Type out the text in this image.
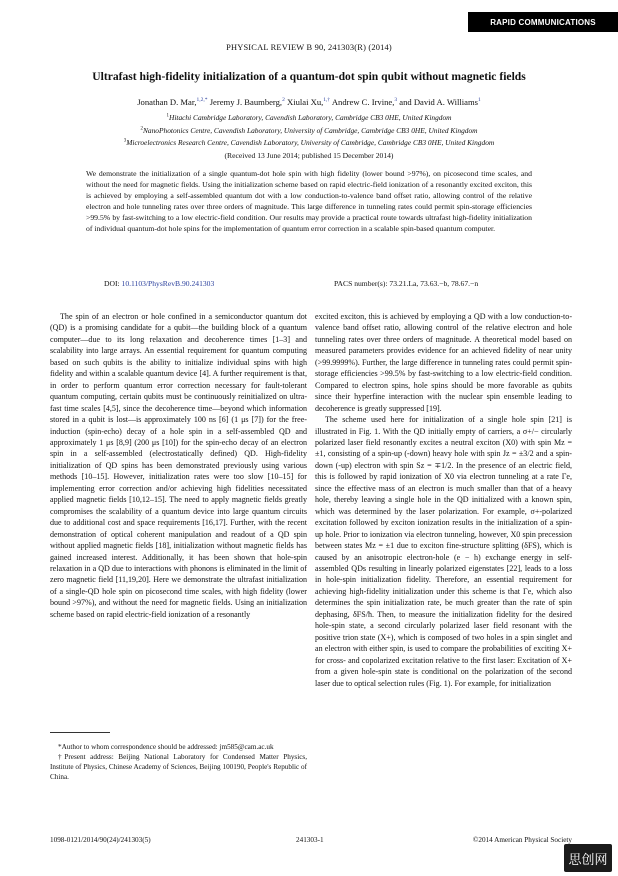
RAPID COMMUNICATIONS
PHYSICAL REVIEW B 90, 241303(R) (2014)
Ultrafast high-fidelity initialization of a quantum-dot spin qubit without magnetic fields
Jonathan D. Mar,$^{1,2,*}$ Jeremy J. Baumberg,$^2$ Xiulai Xu,$^{1,\dagger}$ Andrew C. Irvine,$^3$ and David A. Williams$^1$
$^1$Hitachi Cambridge Laboratory, Cavendish Laboratory, Cambridge CB3 0HE, United Kingdom
$^2$NanoPhotonics Centre, Cavendish Laboratory, University of Cambridge, Cambridge CB3 0HE, United Kingdom
$^3$Microelectronics Research Centre, Cavendish Laboratory, University of Cambridge, Cambridge CB3 0HE, United Kingdom
(Received 13 June 2014; published 15 December 2014)
We demonstrate the initialization of a single quantum-dot hole spin with high fidelity (lower bound >97%), on picosecond time scales, and without the need for magnetic fields. Using the initialization scheme based on rapid electric-field ionization of a resonantly excited exciton, this is achieved by employing a self-assembled quantum dot with a low conduction-to-valence band offset ratio, allowing control of the relative electron and hole tunneling rates over three orders of magnitude. This large difference in tunneling rates could permit spin-storage efficiencies >99.5% by fast-switching to a low electric-field condition. Our results may provide a practical route towards ultrafast high-fidelity initialization of individual quantum-dot hole spins for the implementation of quantum error correction in a scalable spin-based quantum computer.
DOI: 10.1103/PhysRevB.90.241303	PACS number(s): 73.21.La, 73.63.−b, 78.67.−n

The spin of an electron or hole confined in a semiconductor quantum dot (QD) is a promising candidate for a qubit—the building block of a quantum computer—due to its long relaxation and decoherence times [1–3] and scalability into large arrays. An essential requirement for quantum computing based on such qubits is the ability to initialize individual spins with high fidelity and within a scalable quantum device [4]. A further requirement is that, in order to perform quantum error correction necessary for fault-tolerant quantum computing, certain qubits must be continuously reinitialized on ultra-fast time scales [4,5], since the decoherence time—beyond which information stored in a qubit is lost—is approximately 100 ns [6] (1 μs [7]) for the free-induction (spin-echo) decay of a hole spin in a self-assembled QD and approximately 1 μs [8,9] (200 μs [10]) for the spin-echo decay of an electron spin in a self-assembled (electrostatically defined) QD. High-fidelity initialization of QD spins has been demonstrated previously using various methods [10–15]. However, initialization rates were too slow [10–15] for implementing error correction and/or achieving high fidelities necessitated applied magnetic fields [10,12–15]. The need to apply magnetic fields greatly compromises the scalability of a quantum device into large quantum circuits due to additional cost and space requirements [16,17]. Further, with the recent demonstration of optical coherent manipulation and readout of a QD spin without applied magnetic fields [18], initialization without magnetic fields has gained increased interest. Additionally, it has been shown that hole-spin relaxation in a QD due to interactions with phonons is eliminated in the limit of zero magnetic field [11,19,20]. Here we demonstrate the ultrafast initialization of a single-QD hole spin on picosecond time scales, with high fidelity (lower bound >97%), and without the need for magnetic fields. Using an initialization scheme based on rapid electric-field ionization of a resonantly

excited exciton, this is achieved by employing a QD with a low conduction-to-valence band offset ratio, allowing control of the relative electron and hole tunneling rates over three orders of magnitude. A theoretical model based on measured parameters provides evidence for an achieved fidelity of near unity (>99.9999%). Further, the large difference in tunneling rates could permit spin-storage efficiencies >99.5% by fast-switching to a low electric-field condition. Compared to electron spins, hole spins should be more favorable as qubits since their hyperfine interaction with the nuclear spin ensemble leading to decoherence is greatly suppressed [19].

The scheme used here for initialization of a single hole spin [21] is illustrated in Fig. 1. With the QD initially empty of carriers, a σ+/− circularly polarized laser field resonantly excites a neutral exciton (X0) with spin Mz = ±1, consisting of a spin-up (-down) heavy hole with spin Jz = ±3/2 and a spin-down (-up) electron with spin Sz = ∓1/2. In the presence of an electric field, this is followed by rapid ionization of X0 via electron tunneling at a rate Γe, since the effective mass of an electron is much smaller than that of a heavy hole, thereby leaving a single hole in the QD initialized with a known spin, which was determined by the laser polarization. For example, σ+-polarized excitation followed by exciton ionization results in the initialization of a spin-up hole. Prior to ionization via electron tunneling, however, X0 spin precession between states Mz = ±1 due to exciton fine-structure splitting (δFS), which is caused by an anisotropic electron-hole (e − h) exchange energy in self-assembled QDs resulting in linearly polarized eigenstates [22], leads to a loss in hole-spin initialization fidelity. Therefore, an essential requirement for achieving high-fidelity initialization under this scheme is that Γe, which also determines the spin initialization rate, be much greater than the rate of spin dephasing, δFS/ħ. Then, to measure the initialization fidelity for the desired hole-spin state, a second circularly polarized laser field resonant with the positive trion state (X+), which is composed of two holes in a spin singlet and an electron with either spin, is used to compare the probabilities of exciting X+ for cross- and copolarized excitation relative to the first laser: Excitation of X+ from a given hole-spin state is conditional on the polarization of the second laser due to optical selection rules (Fig. 1). For example, for initialization

*Author to whom correspondence should be addressed: jm585@cam.ac.uk

†Present address: Beijing National Laboratory for Condensed Matter Physics, Institute of Physics, Chinese Academy of Sciences, Beijing 100190, People's Republic of China.

1098-0121/2014/90(24)/241303(5)	241303-1	©2014 American Physical Society
思创网
